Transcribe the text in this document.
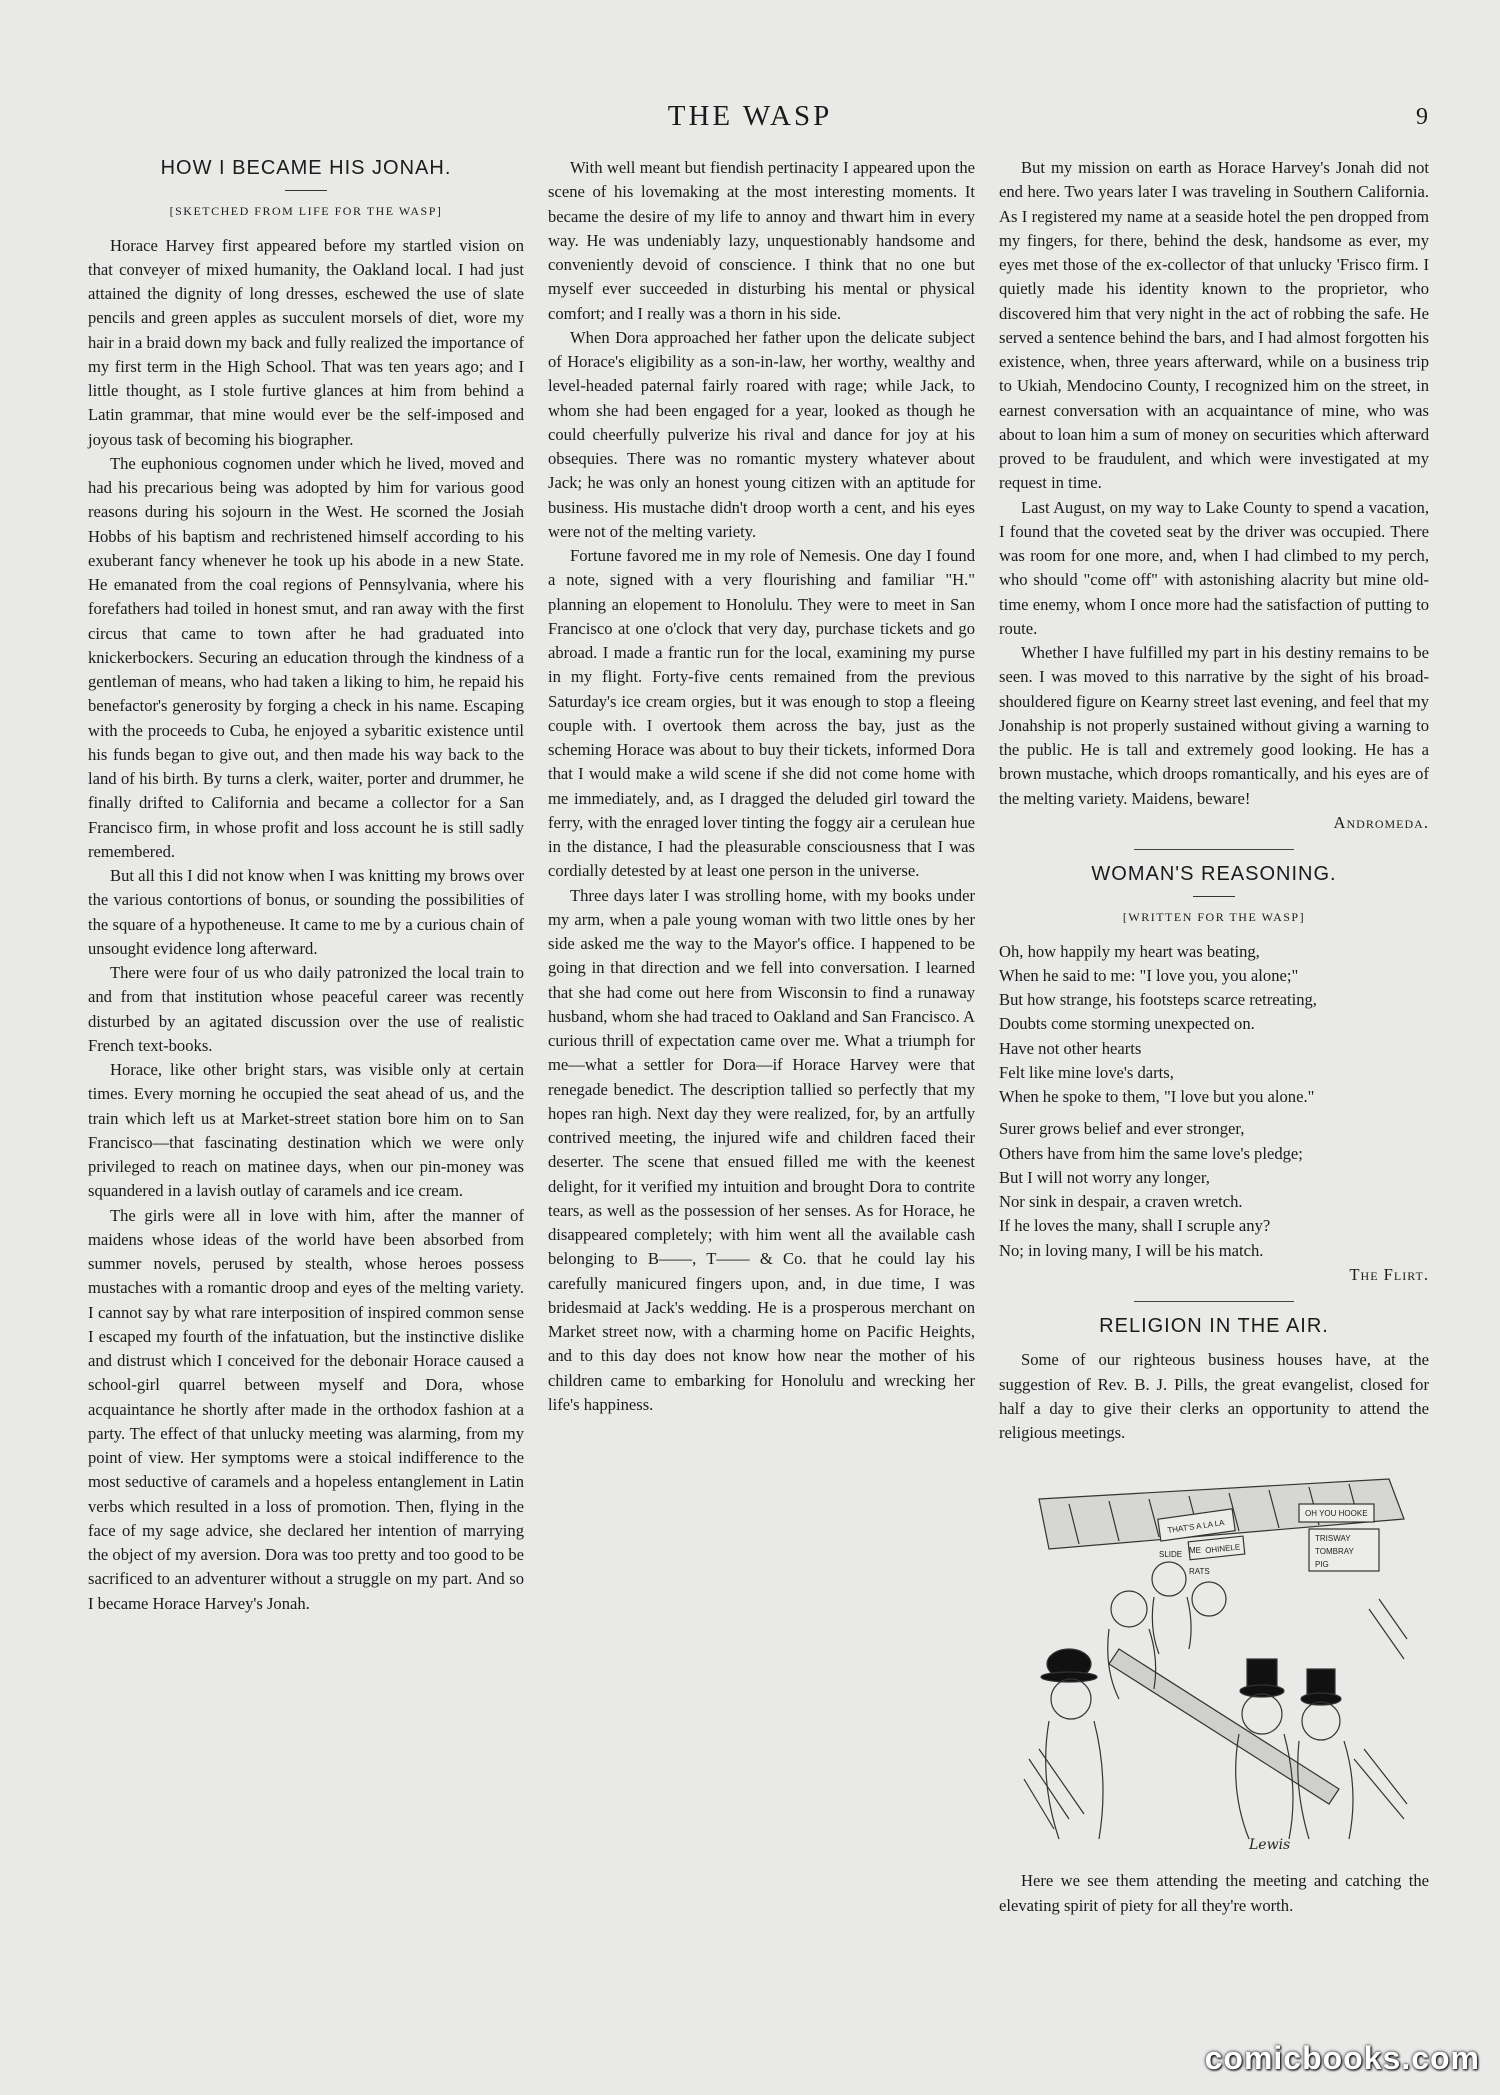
THE WASP	9
HOW I BECAME HIS JONAH.
[SKETCHED FROM LIFE FOR THE WASP]

Horace Harvey first appeared before my startled vision on that conveyer of mixed humanity, the Oakland local. I had just attained the dignity of long dresses, eschewed the use of slate pencils and green apples as succulent morsels of diet, wore my hair in a braid down my back and fully realized the importance of my first term in the High School. That was ten years ago; and I little thought, as I stole furtive glances at him from behind a Latin grammar, that mine would ever be the self-imposed and joyous task of becoming his biographer.

The euphonious cognomen under which he lived, moved and had his precarious being was adopted by him for various good reasons during his sojourn in the West. He scorned the Josiah Hobbs of his baptism and rechristened himself according to his exuberant fancy whenever he took up his abode in a new State. He emanated from the coal regions of Pennsylvania, where his forefathers had toiled in honest smut, and ran away with the first circus that came to town after he had graduated into knickerbockers. Securing an education through the kindness of a gentleman of means, who had taken a liking to him, he repaid his benefactor's generosity by forging a check in his name. Escaping with the proceeds to Cuba, he enjoyed a sybaritic existence until his funds began to give out, and then made his way back to the land of his birth. By turns a clerk, waiter, porter and drummer, he finally drifted to California and became a collector for a San Francisco firm, in whose profit and loss account he is still sadly remembered.

But all this I did not know when I was knitting my brows over the various contortions of bonus, or sounding the possibilities of the square of a hypotheneuse. It came to me by a curious chain of unsought evidence long afterward.

There were four of us who daily patronized the local train to and from that institution whose peaceful career was recently disturbed by an agitated discussion over the use of realistic French text-books.

Horace, like other bright stars, was visible only at certain times. Every morning he occupied the seat ahead of us, and the train which left us at Market-street station bore him on to San Francisco—that fascinating destination which we were only privileged to reach on matinee days, when our pin-money was squandered in a lavish outlay of caramels and ice cream.

The girls were all in love with him, after the manner of maidens whose ideas of the world have been absorbed from summer novels, perused by stealth, whose heroes possess mustaches with a romantic droop and eyes of the melting variety. I cannot say by what rare interposition of inspired common sense I escaped my fourth of the infatuation, but the instinctive dislike and distrust which I conceived for the debonair Horace caused a school-girl quarrel between myself and Dora, whose acquaintance he shortly after made in the orthodox fashion at a party. The effect of that unlucky meeting was alarming, from my point of view. Her symptoms were a stoical indifference to the most seductive of caramels and a hopeless entanglement in Latin verbs which resulted in a loss of promotion. Then, flying in the face of my sage advice, she declared her intention of marrying the object of my aversion. Dora was too pretty and too good to be sacrificed to an adventurer without a struggle on my part. And so I became Horace Harvey's Jonah.

With well meant but fiendish pertinacity I appeared upon the scene of his lovemaking at the most interesting moments. It became the desire of my life to annoy and thwart him in every way. He was undeniably lazy, unquestionably handsome and conveniently devoid of conscience. I think that no one but myself ever succeeded in disturbing his mental or physical comfort; and I really was a thorn in his side.

When Dora approached her father upon the delicate subject of Horace's eligibility as a son-in-law, her worthy, wealthy and level-headed paternal fairly roared with rage; while Jack, to whom she had been engaged for a year, looked as though he could cheerfully pulverize his rival and dance for joy at his obsequies. There was no romantic mystery whatever about Jack; he was only an honest young citizen with an aptitude for business. His mustache didn't droop worth a cent, and his eyes were not of the melting variety.

Fortune favored me in my role of Nemesis. One day I found a note, signed with a very flourishing and familiar "H." planning an elopement to Honolulu. They were to meet in San Francisco at one o'clock that very day, purchase tickets and go abroad. I made a frantic run for the local, examining my purse in my flight. Forty-five cents remained from the previous Saturday's ice cream orgies, but it was enough to stop a fleeing couple with. I overtook them across the bay, just as the scheming Horace was about to buy their tickets, informed Dora that I would make a wild scene if she did not come home with me immediately, and, as I dragged the deluded girl toward the ferry, with the enraged lover tinting the foggy air a cerulean hue in the distance, I had the pleasurable consciousness that I was cordially detested by at least one person in the universe.

Three days later I was strolling home, with my books under my arm, when a pale young woman with two little ones by her side asked me the way to the Mayor's office. I happened to be going in that direction and we fell into conversation. I learned that she had come out here from Wisconsin to find a runaway husband, whom she had traced to Oakland and San Francisco. A curious thrill of expectation came over me. What a triumph for me—what a settler for Dora—if Horace Harvey were that renegade benedict. The description tallied so perfectly that my hopes ran high. Next day they were realized, for, by an artfully contrived meeting, the injured wife and children faced their deserter. The scene that ensued filled me with the keenest delight, for it verified my intuition and brought Dora to contrite tears, as well as the possession of her senses. As for Horace, he disappeared completely; with him went all the available cash belonging to B——, T—— & Co. that he could lay his carefully manicured fingers upon, and, in due time, I was bridesmaid at Jack's wedding. He is a prosperous merchant on Market street now, with a charming home on Pacific Heights, and to this day does not know how near the mother of his children came to embarking for Honolulu and wrecking her life's happiness.

But my mission on earth as Horace Harvey's Jonah did not end here. Two years later I was traveling in Southern California. As I registered my name at a seaside hotel the pen dropped from my fingers, for there, behind the desk, handsome as ever, my eyes met those of the ex-collector of that unlucky 'Frisco firm. I quietly made his identity known to the proprietor, who discovered him that very night in the act of robbing the safe. He served a sentence behind the bars, and I had almost forgotten his existence, when, three years afterward, while on a business trip to Ukiah, Mendocino County, I recognized him on the street, in earnest conversation with an acquaintance of mine, who was about to loan him a sum of money on securities which afterward proved to be fraudulent, and which were investigated at my request in time.

Last August, on my way to Lake County to spend a vacation, I found that the coveted seat by the driver was occupied. There was room for one more, and, when I had climbed to my perch, who should "come off" with astonishing alacrity but mine old-time enemy, whom I once more had the satisfaction of putting to route.

Whether I have fulfilled my part in his destiny remains to be seen. I was moved to this narrative by the sight of his broad-shouldered figure on Kearny street last evening, and feel that my Jonahship is not properly sustained without giving a warning to the public. He is tall and extremely good looking. He has a brown mustache, which droops romantically, and his eyes are of the melting variety. Maidens, beware!

Andromeda.

WOMAN'S REASONING.
[WRITTEN FOR THE WASP]
Oh, how happily my heart was beating,
When he said to me: "I love you, you alone;"
But how strange, his footsteps scarce retreating,
Doubts come storming unexpected on.
Have not other hearts
Felt like mine love's darts,
When he spoke to them, "I love but you alone."
Surer grows belief and ever stronger,
Others have from him the same love's pledge;
But I will not worry any longer,
Nor sink in despair, a craven wretch.
If he loves the many, shall I scruple any?
No; in loving many, I will be his match.

The Flirt.

RELIGION IN THE AIR.

Some of our righteous business houses have, at the suggestion of Rev. B. J. Pills, the great evangelist, closed for half a day to give their clerks an opportunity to attend the religious meetings.

THAT'S A LA LA
OH YOU HOOKE
SLIDE ME OHINELE
RATS
TRISWAY
TOMBRAY
PIG
Lewis

Here we see them attending the meeting and catching the elevating spirit of piety for all they're worth.

comicbooks.com
